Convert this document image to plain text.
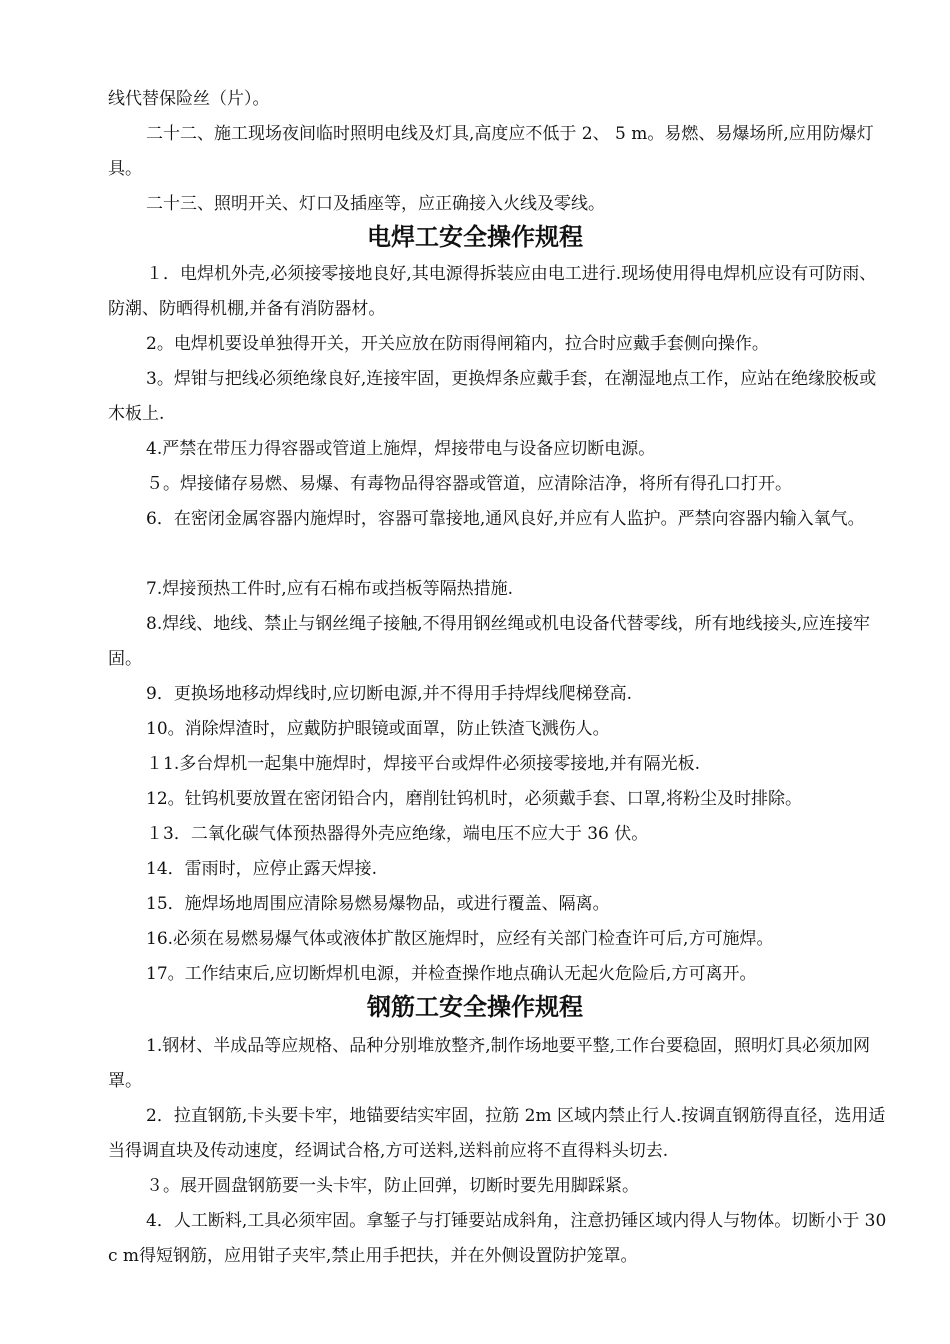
线代替保险丝（片）。

二十二、施工现场夜间临时照明电线及灯具,高度应不低于 2、 5 m。易燃、易爆场所,应用防爆灯具。

二十三、照明开关、灯口及插座等，应正确接入火线及零线。

电焊工安全操作规程

１．电焊机外壳,必须接零接地良好,其电源得拆装应由电工进行.现场使用得电焊机应设有可防雨、防潮、防晒得机棚,并备有消防器材。

2。电焊机要设单独得开关，开关应放在防雨得闸箱内，拉合时应戴手套侧向操作。

3。焊钳与把线必须绝缘良好,连接牢固，更换焊条应戴手套，在潮湿地点工作，应站在绝缘胶板或木板上.

4.严禁在带压力得容器或管道上施焊，焊接带电与设备应切断电源。

５。焊接储存易燃、易爆、有毒物品得容器或管道，应清除洁净，将所有得孔口打开。

6．在密闭金属容器内施焊时，容器可靠接地,通风良好,并应有人监护。严禁向容器内输入氧气。

7.焊接预热工件时,应有石棉布或挡板等隔热措施.

8.焊线、地线、禁止与钢丝绳子接触,不得用钢丝绳或机电设备代替零线，所有地线接头,应连接牢固。

9．更换场地移动焊线时,应切断电源,并不得用手持焊线爬梯登高.

10。消除焊渣时，应戴防护眼镜或面罩，防止铁渣飞溅伤人。

１1.多台焊机一起集中施焊时，焊接平台或焊件必须接零接地,并有隔光板.

12。钍钨机要放置在密闭铅合内，磨削钍钨机时，必须戴手套、口罩,将粉尘及时排除。

１3．二氧化碳气体预热器得外壳应绝缘，端电压不应大于 36 伏。

14．雷雨时，应停止露天焊接.

15．施焊场地周围应清除易燃易爆物品，或进行覆盖、隔离。

16.必须在易燃易爆气体或液体扩散区施焊时，应经有关部门检查许可后,方可施焊。

17。工作结束后,应切断焊机电源，并检查操作地点确认无起火危险后,方可离开。

钢筋工安全操作规程

1.钢材、半成品等应规格、品种分别堆放整齐,制作场地要平整,工作台要稳固，照明灯具必须加网罩。

2．拉直钢筋,卡头要卡牢，地锚要结实牢固，拉筋 2m 区域内禁止行人.按调直钢筋得直径，选用适当得调直块及传动速度，经调试合格,方可送料,送料前应将不直得料头切去.

３。展开圆盘钢筋要一头卡牢，防止回弹，切断时要先用脚踩紧。

4．人工断料,工具必须牢固。拿錾子与打锤要站成斜角，注意扔锤区域内得人与物体。切断小于 30c m得短钢筋，应用钳子夹牢,禁止用手把扶，并在外侧设置防护笼罩。
